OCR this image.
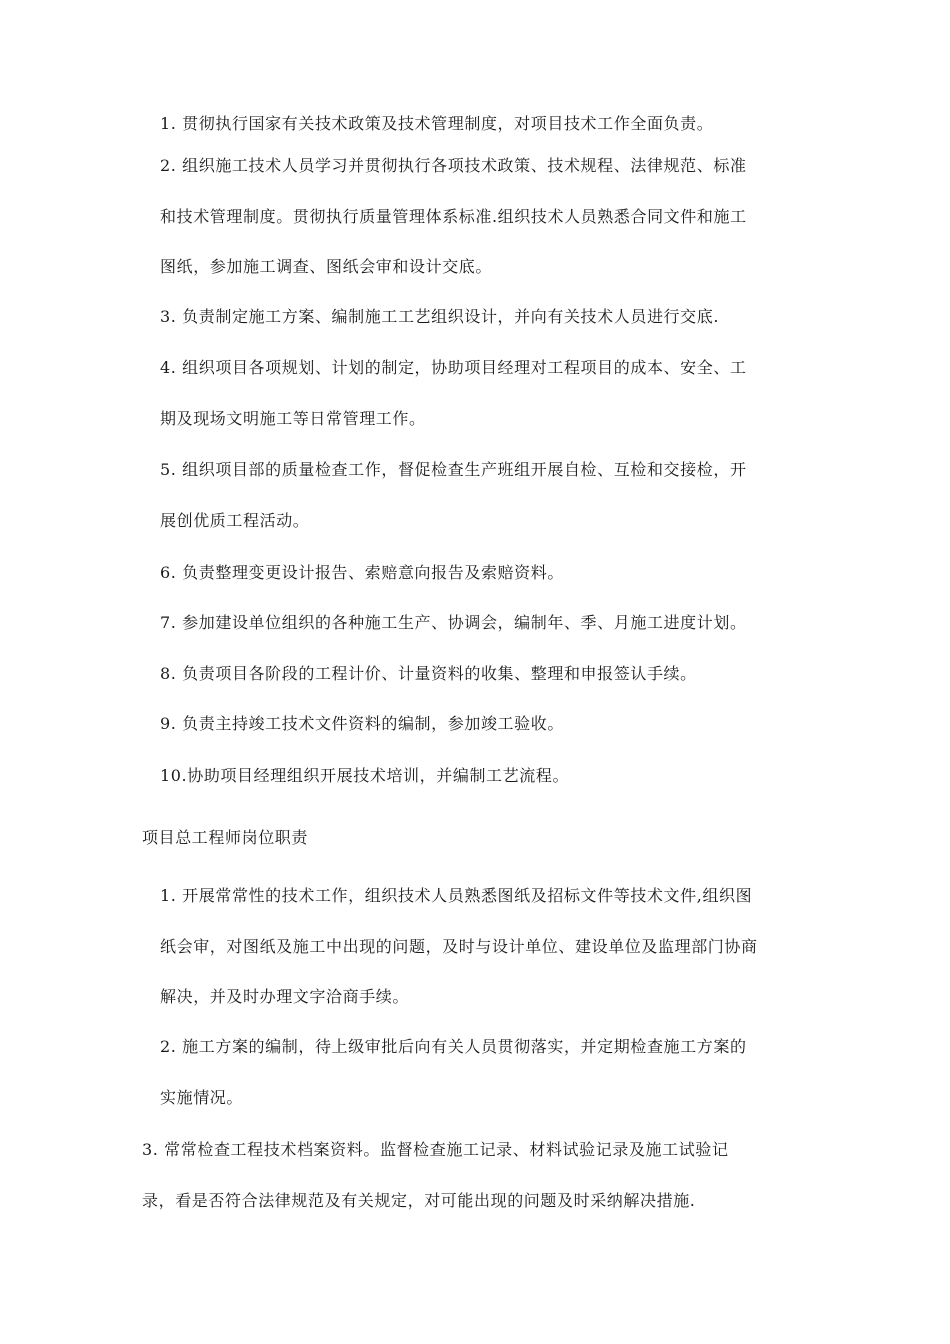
1. 贯彻执行国家有关技术政策及技术管理制度，对项目技术工作全面负责。
2. 组织施工技术人员学习并贯彻执行各项技术政策、技术规程、法律规范、标准
和技术管理制度。贯彻执行质量管理体系标准.组织技术人员熟悉合同文件和施工
图纸，参加施工调查、图纸会审和设计交底。
3. 负责制定施工方案、编制施工工艺组织设计，并向有关技术人员进行交底.
4. 组织项目各项规划、计划的制定，协助项目经理对工程项目的成本、安全、工
期及现场文明施工等日常管理工作。
5. 组织项目部的质量检查工作，督促检查生产班组开展自检、互检和交接检，开
展创优质工程活动。
6. 负责整理变更设计报告、索赔意向报告及索赔资料。
7. 参加建设单位组织的各种施工生产、协调会，编制年、季、月施工进度计划。
8. 负责项目各阶段的工程计价、计量资料的收集、整理和申报签认手续。
9. 负责主持竣工技术文件资料的编制，参加竣工验收。
10.协助项目经理组织开展技术培训，并编制工艺流程。
项目总工程师岗位职责
1. 开展常常性的技术工作，组织技术人员熟悉图纸及招标文件等技术文件,组织图
纸会审，对图纸及施工中出现的问题，及时与设计单位、建设单位及监理部门协商
解决，并及时办理文字洽商手续。
2. 施工方案的编制，待上级审批后向有关人员贯彻落实，并定期检查施工方案的
实施情况。
3. 常常检查工程技术档案资料。监督检查施工记录、材料试验记录及施工试验记
录，看是否符合法律规范及有关规定，对可能出现的问题及时采纳解决措施.
